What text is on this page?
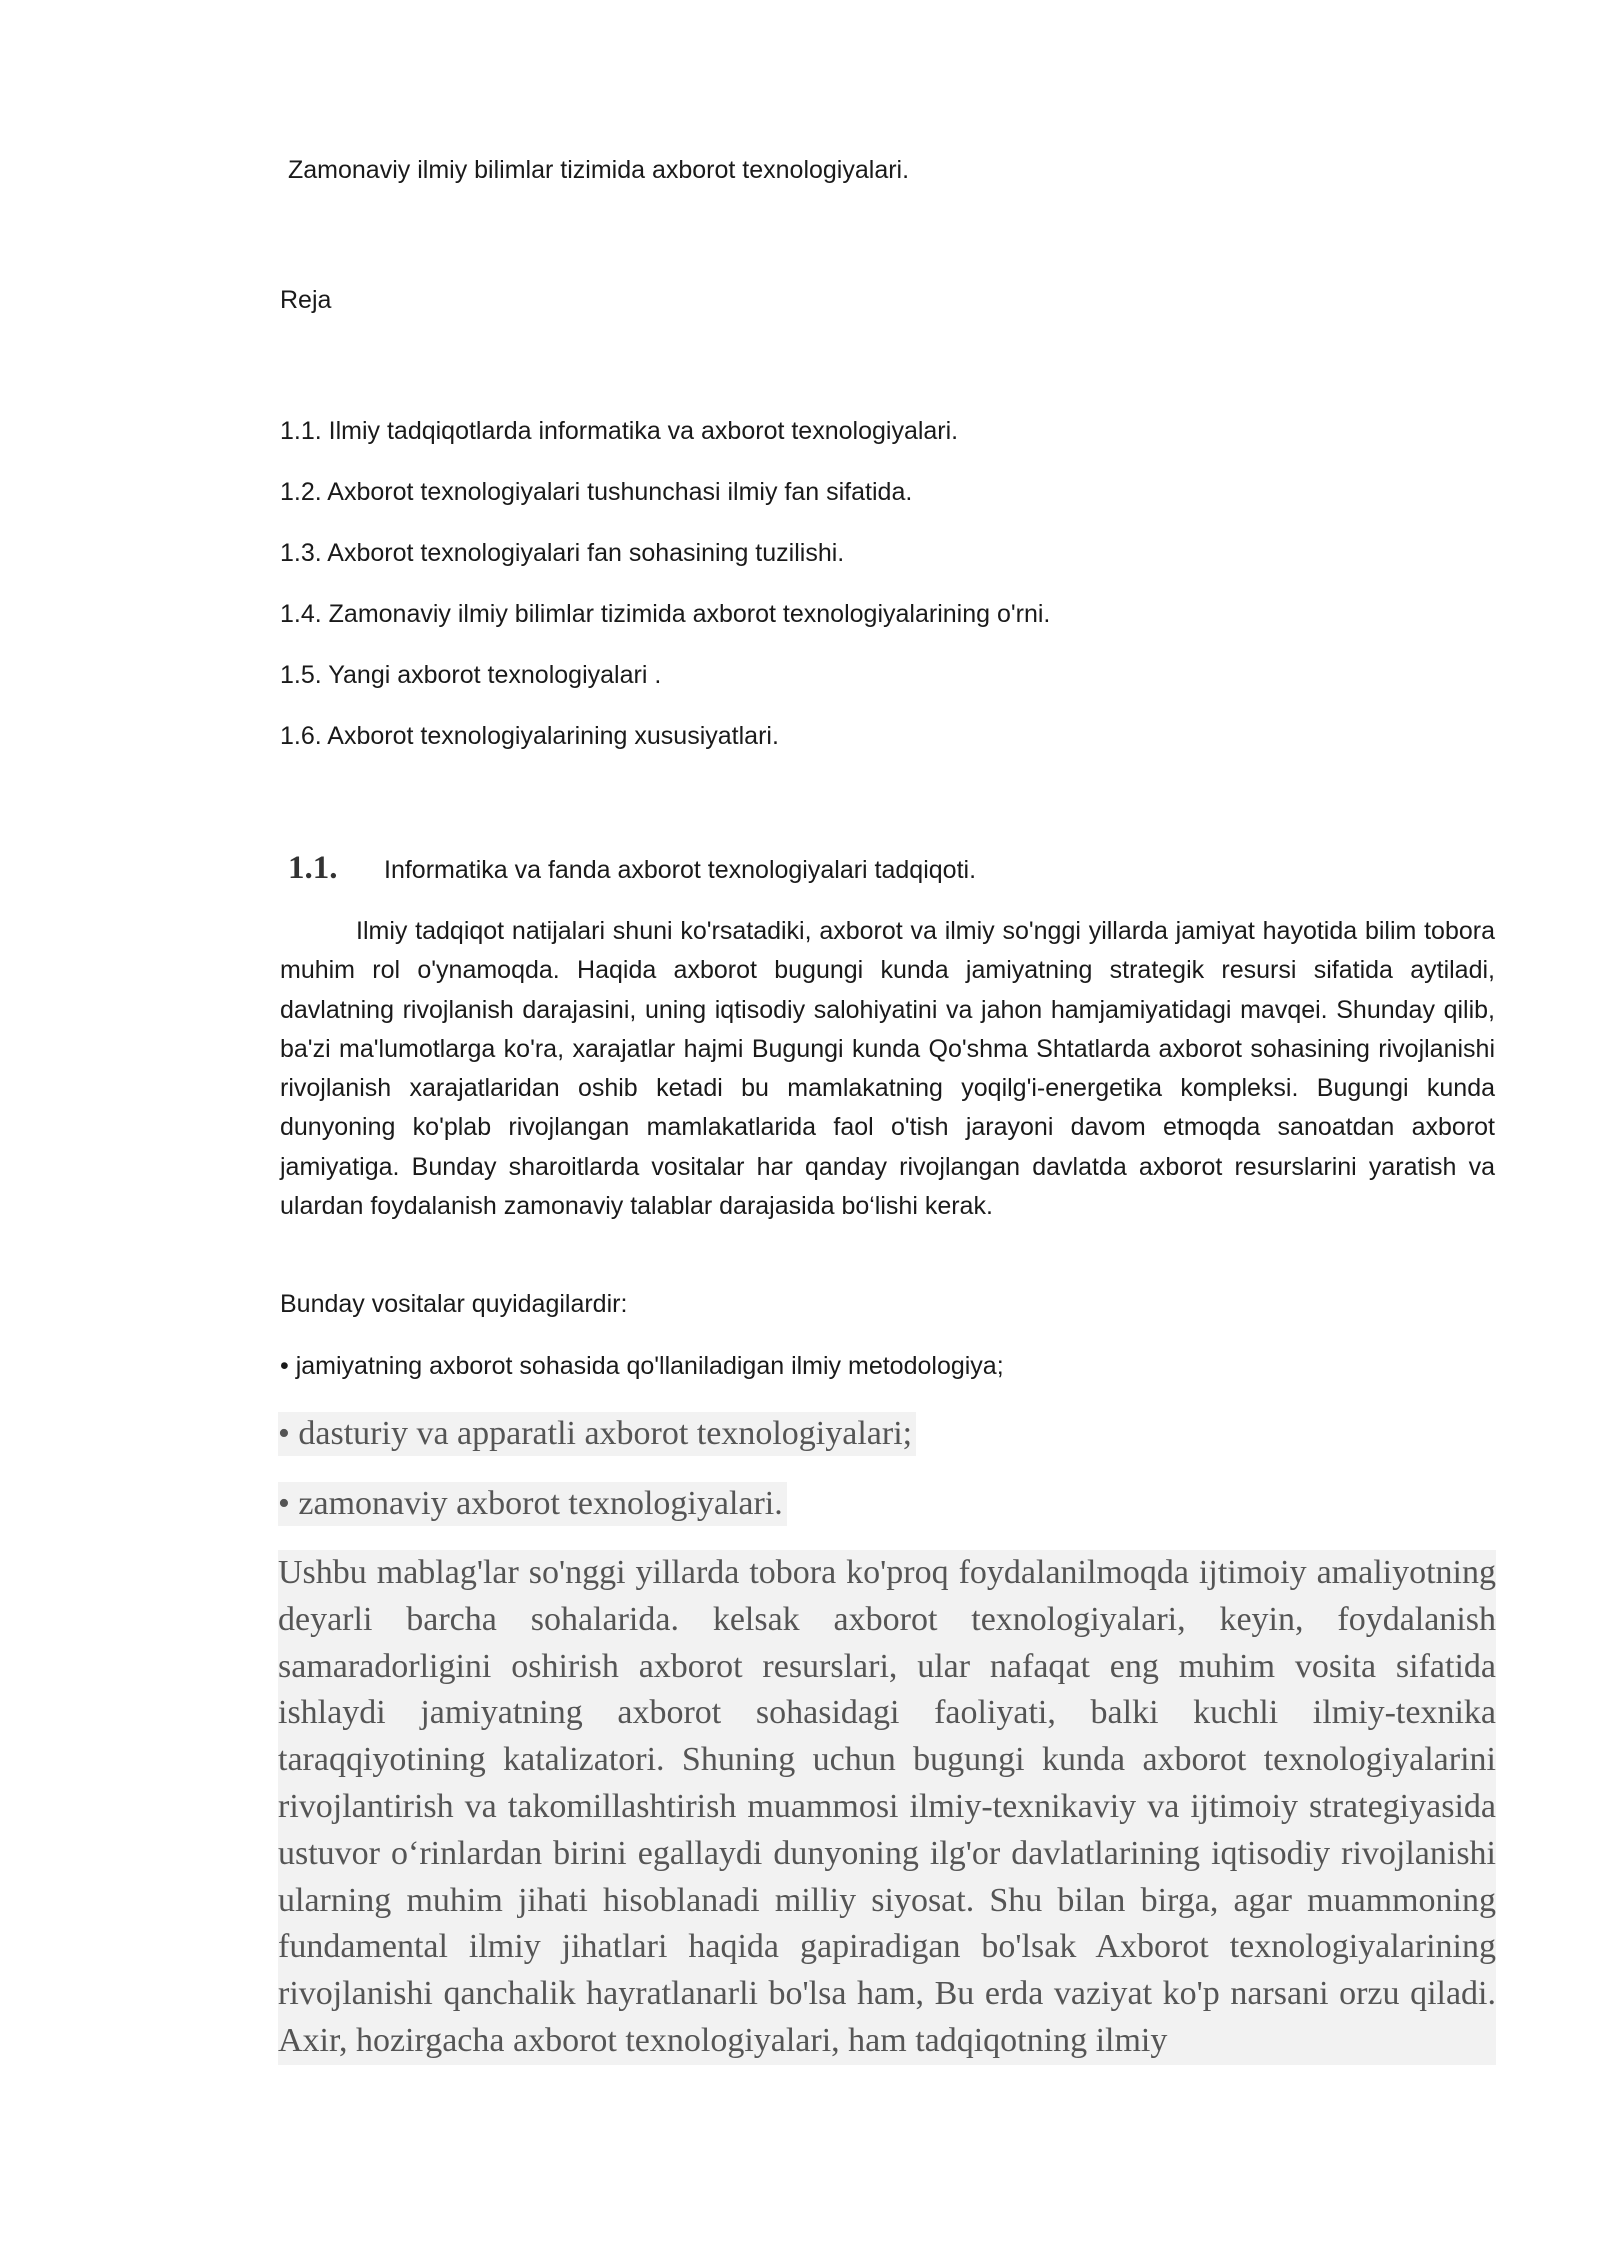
Zamonaviy ilmiy bilimlar tizimida axborot texnologiyalari.
Reja
1.1. Ilmiy tadqiqotlarda informatika va axborot texnologiyalari.
1.2. Axborot texnologiyalari tushunchasi ilmiy fan sifatida.
1.3. Axborot texnologiyalari fan sohasining tuzilishi.
1.4. Zamonaviy ilmiy bilimlar tizimida axborot texnologiyalarining o'rni.
1.5. Yangi axborot texnologiyalari .
1.6. Axborot texnologiyalarining xususiyatlari.
1.1. Informatika va fanda axborot texnologiyalari tadqiqoti.

Ilmiy tadqiqot natijalari shuni ko'rsatadiki, axborot va ilmiy so'nggi yillarda jamiyat hayotida bilim tobora muhim rol o'ynamoqda. Haqida axborot bugungi kunda jamiyatning strategik resursi sifatida aytiladi, davlatning rivojlanish darajasini, uning iqtisodiy salohiyatini va jahon hamjamiyatidagi mavqei. Shunday qilib, ba'zi ma'lumotlarga ko'ra, xarajatlar hajmi Bugungi kunda Qo'shma Shtatlarda axborot sohasining rivojlanishi rivojlanish xarajatlaridan oshib ketadi bu mamlakatning yoqilg'i-energetika kompleksi. Bugungi kunda dunyoning ko'plab rivojlangan mamlakatlarida faol o'tish jarayoni davom etmoqda sanoatdan axborot jamiyatiga. Bunday sharoitlarda vositalar har qanday rivojlangan davlatda axborot resurslarini yaratish va ulardan foydalanish zamonaviy talablar darajasida bo‘lishi kerak.

Bunday vositalar quyidagilardir:
• jamiyatning axborot sohasida qo'llaniladigan ilmiy metodologiya;
• dasturiy va apparatli axborot texnologiyalari;
• zamonaviy axborot texnologiyalari.

Ushbu mablag'lar so'nggi yillarda tobora ko'proq foydalanilmoqda ijtimoiy amaliyotning deyarli barcha sohalarida. kelsak axborot texnologiyalari, keyin, foydalanish samaradorligini oshirish axborot resurslari, ular nafaqat eng muhim vosita sifatida ishlaydi jamiyatning axborot sohasidagi faoliyati, balki kuchli ilmiy-texnika taraqqiyotining katalizatori. Shuning uchun bugungi kunda axborot texnologiyalarini rivojlantirish va takomillashtirish muammosi ilmiy-texnikaviy va ijtimoiy strategiyasida ustuvor o‘rinlardan birini egallaydi dunyoning ilg'or davlatlarining iqtisodiy rivojlanishi ularning muhim jihati hisoblanadi milliy siyosat. Shu bilan birga, agar muammoning fundamental ilmiy jihatlari haqida gapiradigan bo'lsak Axborot texnologiyalarining rivojlanishi qanchalik hayratlanarli bo'lsa ham, Bu erda vaziyat ko'p narsani orzu qiladi. Axir, hozirgacha axborot texnologiyalari, ham tadqiqotning ilmiy
